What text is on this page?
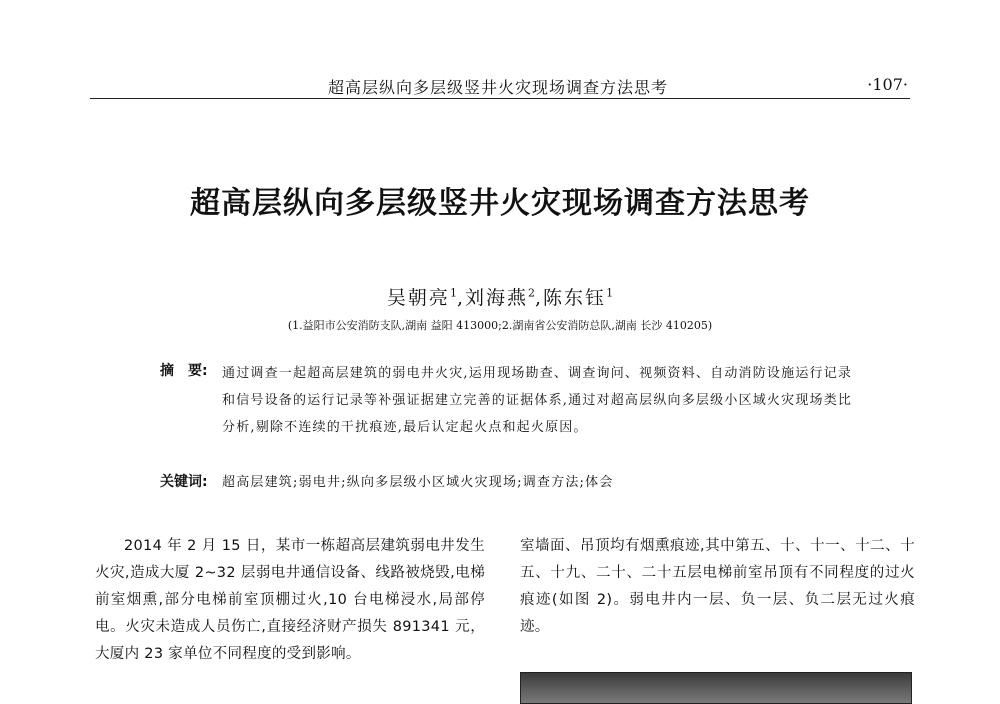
超高层纵向多层级竖井火灾现场调查方法思考	·107·
超高层纵向多层级竖井火灾现场调查方法思考
吴朝亮$^1$,刘海燕$^2$,陈东钰$^1$
(1.益阳市公安消防支队,湖南 益阳 413000;2.湖南省公安消防总队,湖南 长沙 410205)
摘　要: 通过调查一起超高层建筑的弱电井火灾,运用现场勘查、调查询问、视频资料、自动消防设施运行记录和信号设备的运行记录等补强证据建立完善的证据体系,通过对超高层纵向多层级小区域火灾现场类比分析,剔除不连续的干扰痕迹,最后认定起火点和起火原因。

关键词: 超高层建筑;弱电井;纵向多层级小区域火灾现场;调查方法;体会

2014 年 2 月 15 日，某市一栋超高层建筑弱电井发生火灾,造成大厦 2~32 层弱电井通信设备、线路被烧毁,电梯前室烟熏,部分电梯前室顶棚过火,10 台电梯浸水,局部停电。火灾未造成人员伤亡,直接经济财产损失 891341 元，大厦内 23 家单位不同程度的受到影响。

室墙面、吊顶均有烟熏痕迹,其中第五、十、十一、十二、十五、十九、二十、二十五层电梯前室吊顶有不同程度的过火痕迹(如图 2)。弱电井内一层、负一层、负二层无过火痕迹。
